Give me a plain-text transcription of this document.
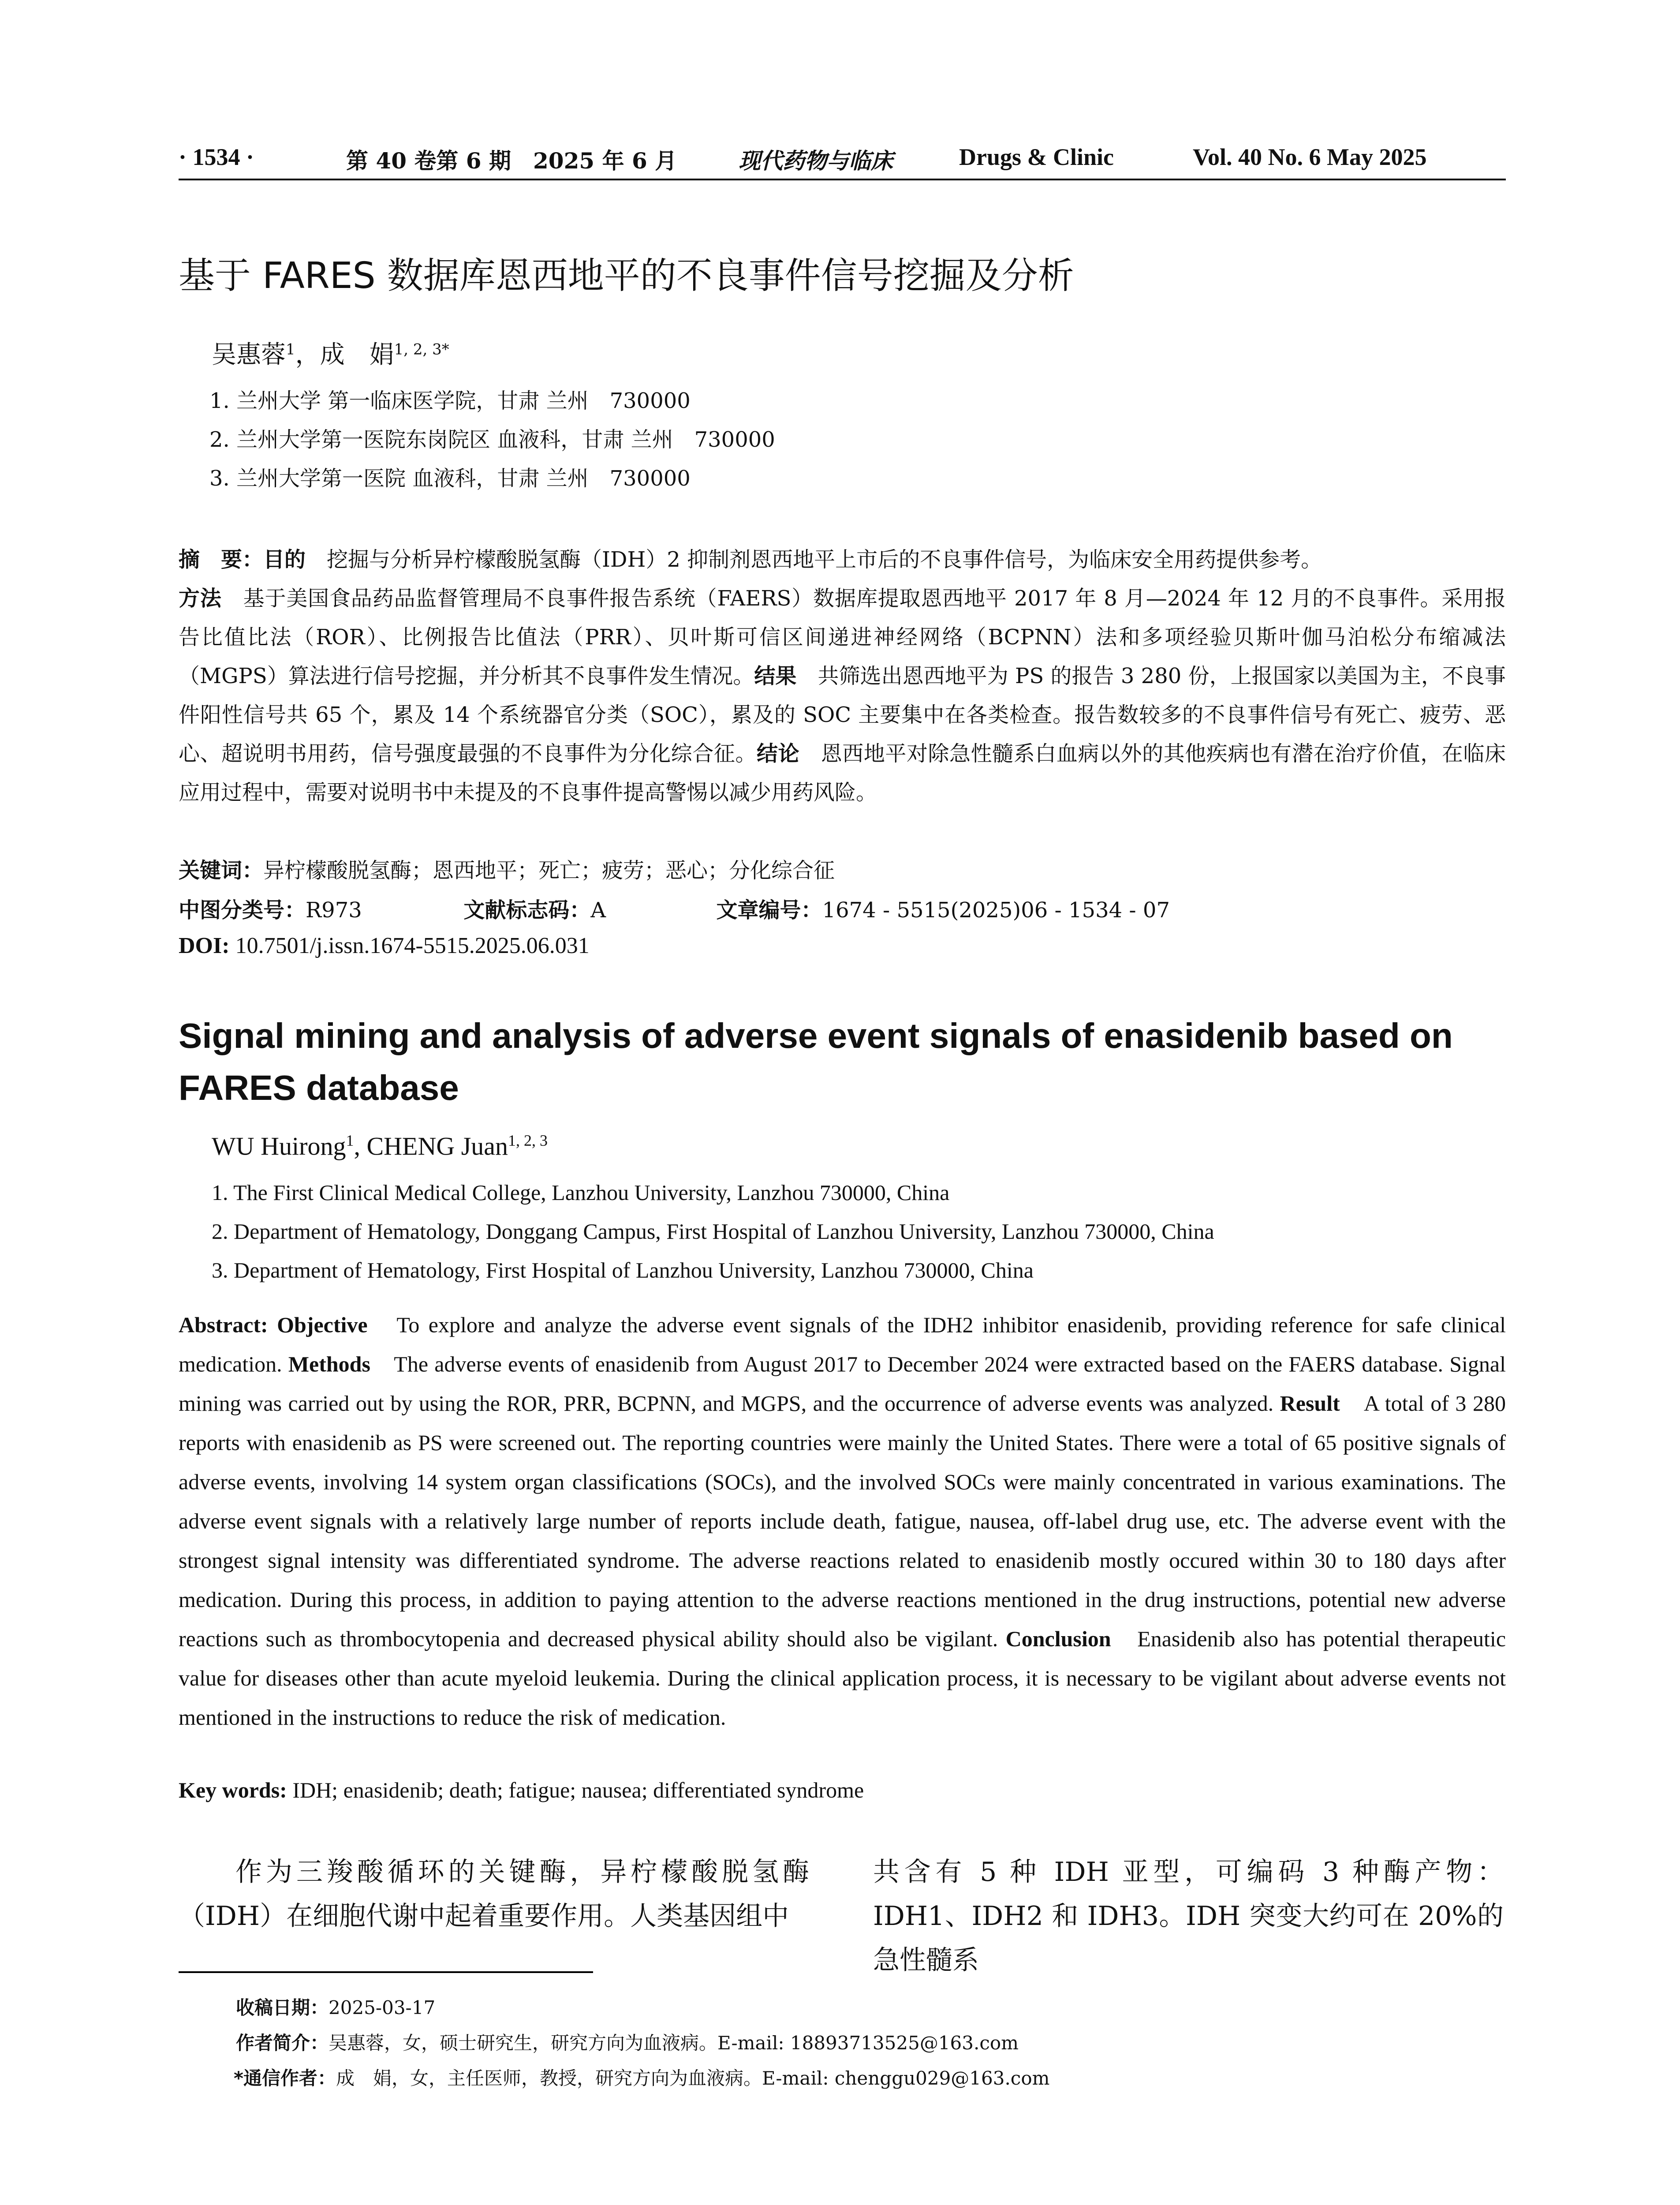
· 1534 ·	第 40 卷第 6 期　2025 年 6 月	现代药物与临床	Drugs & Clinic	Vol. 40 No. 6 May 2025
基于 FARES 数据库恩西地平的不良事件信号挖掘及分析
吴惠蓉$^1$，成　娟$^{1, 2, 3*}$
1. 兰州大学 第一临床医学院，甘肃 兰州　730000
2. 兰州大学第一医院东岗院区 血液科，甘肃 兰州　730000
3. 兰州大学第一医院 血液科，甘肃 兰州　730000
摘　要：目的　挖掘与分析异柠檬酸脱氢酶（IDH）2 抑制剂恩西地平上市后的不良事件信号，为临床安全用药提供参考。
方法　基于美国食品药品监督管理局不良事件报告系统（FAERS）数据库提取恩西地平 2017 年 8 月—2024 年 12 月的不良事件。采用报告比值比法（ROR）、比例报告比值法（PRR）、贝叶斯可信区间递进神经网络（BCPNN）法和多项经验贝斯叶伽马泊松分布缩减法（MGPS）算法进行信号挖掘，并分析其不良事件发生情况。结果　共筛选出恩西地平为 PS 的报告 3 280 份，上报国家以美国为主，不良事件阳性信号共 65 个，累及 14 个系统器官分类（SOC），累及的 SOC 主要集中在各类检查。报告数较多的不良事件信号有死亡、疲劳、恶心、超说明书用药，信号强度最强的不良事件为分化综合征。结论　恩西地平对除急性髓系白血病以外的其他疾病也有潜在治疗价值，在临床应用过程中，需要对说明书中未提及的不良事件提高警惕以减少用药风险。
关键词：异柠檬酸脱氢酶；恩西地平；死亡；疲劳；恶心；分化综合征
中图分类号：R973	文献标志码：A	文章编号：1674 - 5515(2025)06 - 1534 - 07
DOI: 10.7501/j.issn.1674-5515.2025.06.031
Signal mining and analysis of adverse event signals of enasidenib based on FARES database
WU Huirong$^1$, CHENG Juan$^{1, 2, 3}$
1. The First Clinical Medical College, Lanzhou University, Lanzhou 730000, China
2. Department of Hematology, Donggang Campus, First Hospital of Lanzhou University, Lanzhou 730000, China
3. Department of Hematology, First Hospital of Lanzhou University, Lanzhou 730000, China
Abstract: Objective　To explore and analyze the adverse event signals of the IDH2 inhibitor enasidenib, providing reference for safe clinical medication. Methods　The adverse events of enasidenib from August 2017 to December 2024 were extracted based on the FAERS database. Signal mining was carried out by using the ROR, PRR, BCPNN, and MGPS, and the occurrence of adverse events was analyzed. Result　A total of 3 280 reports with enasidenib as PS were screened out. The reporting countries were mainly the United States. There were a total of 65 positive signals of adverse events, involving 14 system organ classifications (SOCs), and the involved SOCs were mainly concentrated in various examinations. The adverse event signals with a relatively large number of reports include death, fatigue, nausea, off-label drug use, etc. The adverse event with the strongest signal intensity was differentiated syndrome. The adverse reactions related to enasidenib mostly occured within 30 to 180 days after medication. During this process, in addition to paying attention to the adverse reactions mentioned in the drug instructions, potential new adverse reactions such as thrombocytopenia and decreased physical ability should also be vigilant. Conclusion　Enasidenib also has potential therapeutic value for diseases other than acute myeloid leukemia. During the clinical application process, it is necessary to be vigilant about adverse events not mentioned in the instructions to reduce the risk of medication.
Key words: IDH; enasidenib; death; fatigue; nausea; differentiated syndrome
作为三羧酸循环的关键酶，异柠檬酸脱氢酶（IDH）在细胞代谢中起着重要作用。人类基因组中
共含有 5 种 IDH 亚型，可编码 3 种酶产物：IDH1、IDH2 和 IDH3。IDH 突变大约可在 20%的急性髓系
收稿日期：2025-03-17
作者简介：吴惠蓉，女，硕士研究生，研究方向为血液病。E-mail: 18893713525@163.com
*通信作者：成　娟，女，主任医师，教授，研究方向为血液病。E-mail: chenggu029@163.com
